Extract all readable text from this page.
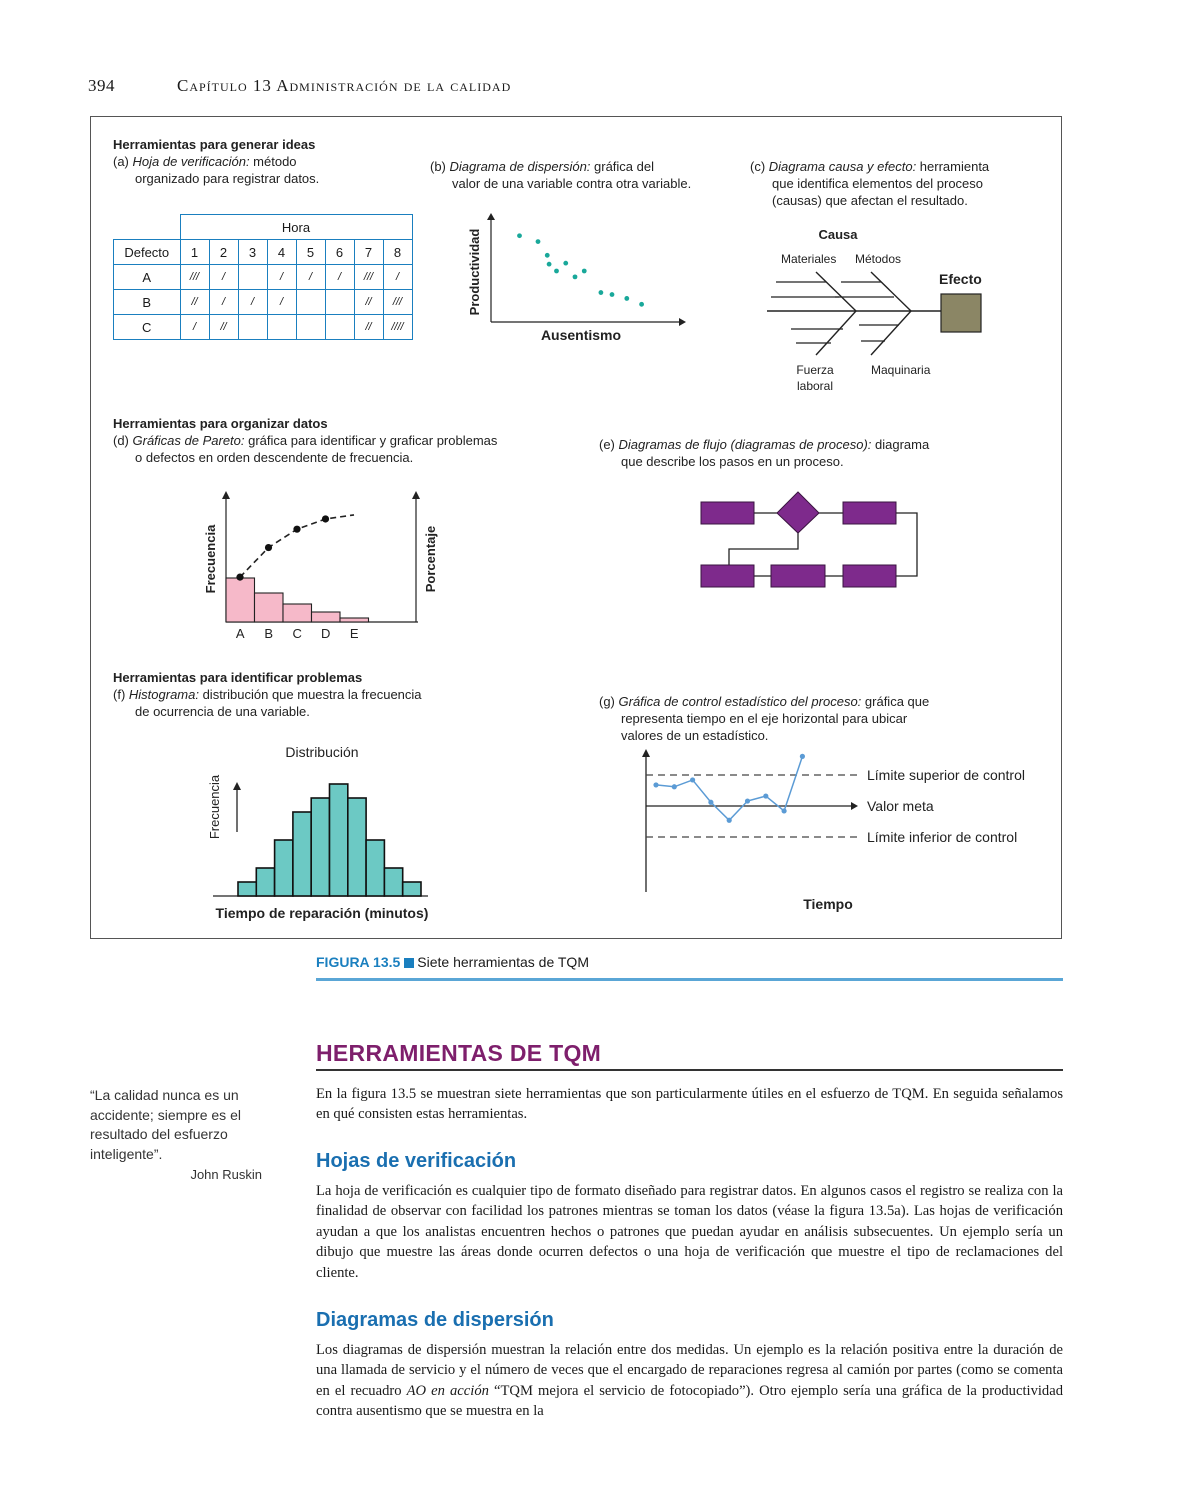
394	Capítulo 13 Administración de la calidad
Herramientas para generar ideas
(a) Hoja de verificación: método
organizado para registrar datos.
(b) Diagrama de dispersión: gráfica del
valor de una variable contra otra variable.
(c) Diagrama causa y efecto: herramienta
que identifica elementos del proceso
(causas) que afectan el resultado.
	Hora							
Defecto	1	2	3	4	5	6	7	8
A	///	/		/	/	/	///	/
B	//	/	/	/			//	///
C	/	//					//	////
Productividad
Ausentismo
Causa
Materiales Métodos
Efecto
Fuerza
laboral
Maquinaria
Herramientas para organizar datos
(d) Gráficas de Pareto: gráfica para identificar y graficar problemas
o defectos en orden descendente de frecuencia.
(e) Diagramas de flujo (diagramas de proceso): diagrama
que describe los pasos en un proceso.
Frecuencia	Porcentaje
A B C D E
Herramientas para identificar problemas
(f) Histograma: distribución que muestra la frecuencia
de ocurrencia de una variable.
(g) Gráfica de control estadístico del proceso: gráfica que
representa tiempo en el eje horizontal para ubicar
valores de un estadístico.
Distribución
Frecuencia
Tiempo de reparación (minutos)
Límite superior de control
Valor meta
Límite inferior de control
Tiempo
FIGURA 13.5 Siete herramientas de TQM
HERRAMIENTAS DE TQM
En la figura 13.5 se muestran siete herramientas que son particularmente útiles en el esfuerzo de TQM. En seguida señalamos en qué consisten estas herramientas.
Hojas de verificación
La hoja de verificación es cualquier tipo de formato diseñado para registrar datos. En algunos casos el registro se realiza con la finalidad de observar con facilidad los patrones mientras se toman los datos (véase la figura 13.5a). Las hojas de verificación ayudan a que los analistas encuentren hechos o patrones que puedan ayudar en análisis subsecuentes. Un ejemplo sería un dibujo que muestre las áreas donde ocurren defectos o una hoja de verificación que muestre el tipo de reclamaciones del cliente.
Diagramas de dispersión
Los diagramas de dispersión muestran la relación entre dos medidas. Un ejemplo es la relación positiva entre la duración de una llamada de servicio y el número de veces que el encargado de reparaciones regresa al camión por partes (como se comenta en el recuadro AO en acción “TQM mejora el servicio de fotocopiado”). Otro ejemplo sería una gráfica de la productividad contra ausentismo que se muestra en la
“La calidad nunca es un accidente; siempre es el resultado del esfuerzo inteligente”.
John Ruskin
